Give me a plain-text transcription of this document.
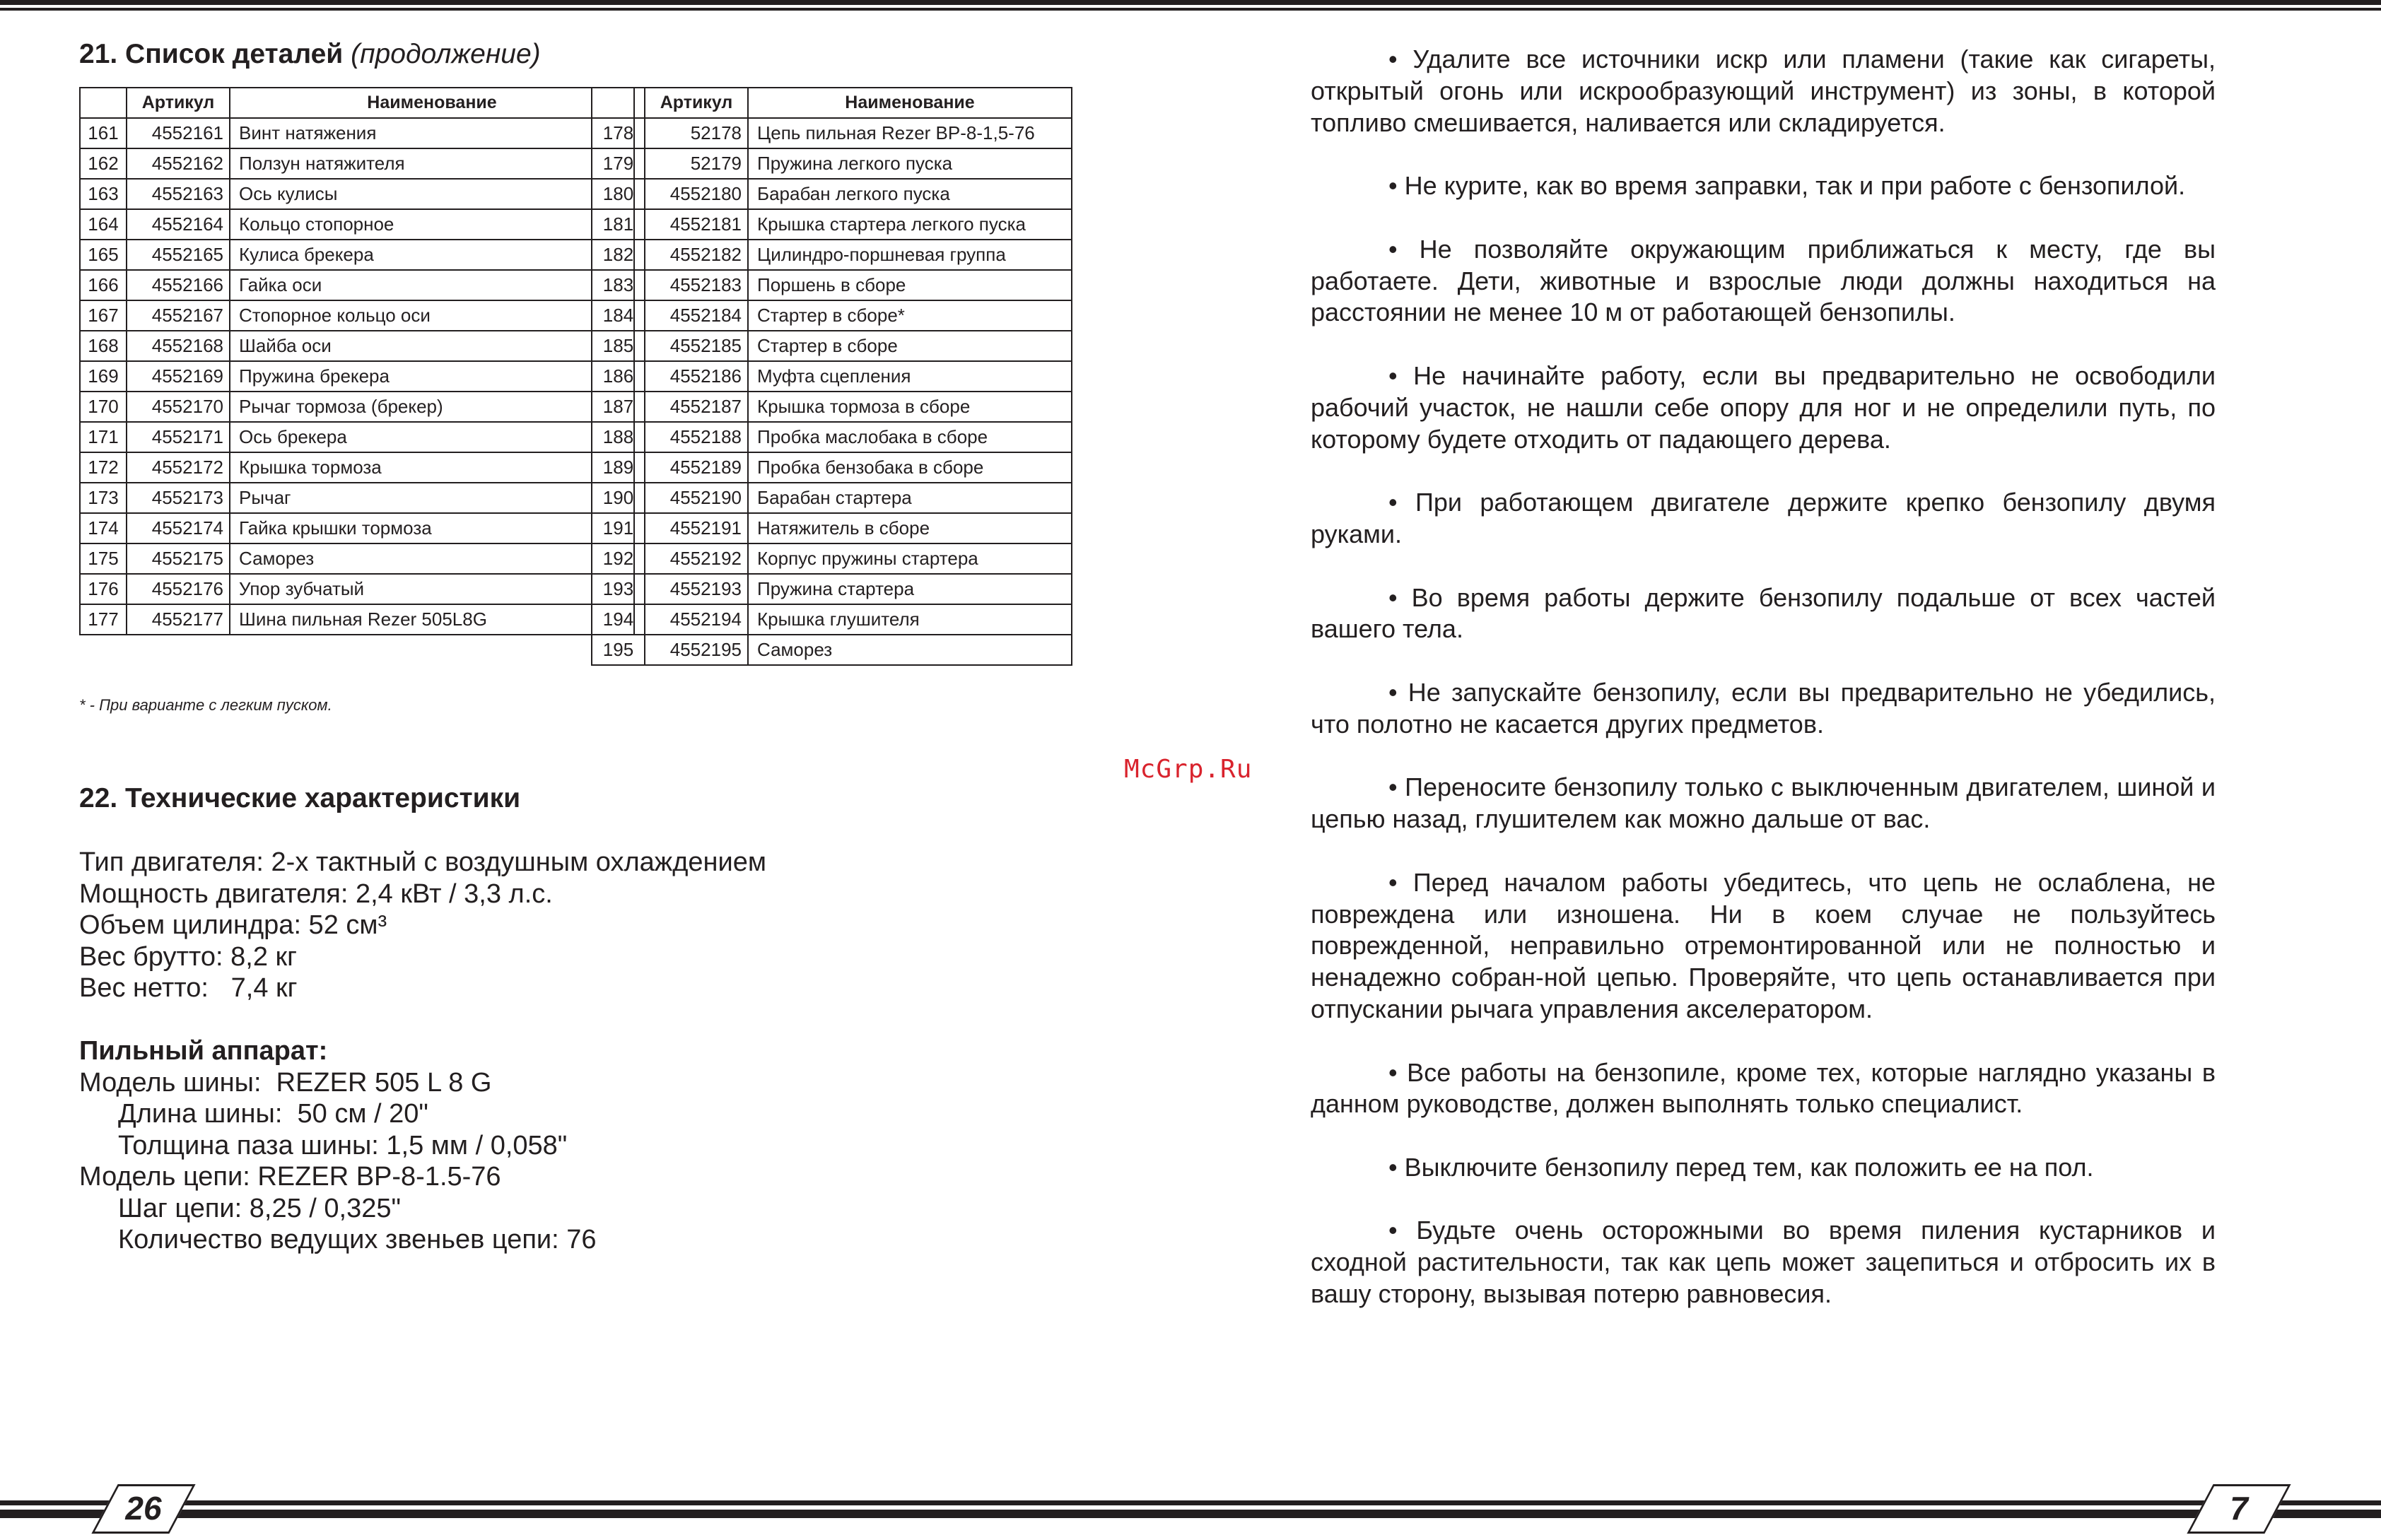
21. Список деталей (продолжение)
	Артикул	Наименование
161	4552161	Винт натяжения
162	4552162	Ползун натяжителя
163	4552163	Ось кулисы
164	4552164	Кольцо стопорное
165	4552165	Кулиса брекера
166	4552166	Гайка оси
167	4552167	Стопорное кольцо оси
168	4552168	Шайба оси
169	4552169	Пружина брекера
170	4552170	Рычаг тормоза (брекер)
171	4552171	Ось брекера
172	4552172	Крышка тормоза
173	4552173	Рычаг
174	4552174	Гайка крышки тормоза
175	4552175	Саморез
176	4552176	Упор зубчатый
177	4552177	Шина пильная Rezer 505L8G
* - При варианте с легким пуском.
	Артикул	Наименование
178	52178	Цепь пильная Rezer BP-8-1,5-76
179	52179	Пружина легкого пуска
180	4552180	Барабан легкого пуска
181	4552181	Крышка стартера легкого пуска
182	4552182	Цилиндро-поршневая группа
183	4552183	Поршень в сборе
184	4552184	Стартер в сборе*
185	4552185	Стартер в сборе
186	4552186	Муфта сцепления
187	4552187	Крышка тормоза в сборе
188	4552188	Пробка маслобака в сборе
189	4552189	Пробка бензобака в сборе
190	4552190	Барабан стартера
191	4552191	Натяжитель в сборе
192	4552192	Корпус пружины стартера
193	4552193	Пружина стартера
194	4552194	Крышка глушителя
195	4552195	Саморез
22. Технические характеристики
Тип двигателя: 2-х тактный с воздушным охлаждением
Мощность двигателя: 2,4 кВт / 3,3 л.с.
Объем цилиндра: 52 см³
Вес брутто: 8,2 кг
Вес нетто:   7,4 кг
Пильный аппарат:
Модель шины:  REZER 505 L 8 G
Длина шины:  50 см / 20"
Толщина паза шины: 1,5 мм / 0,058"
Модель цепи: REZER BP-8-1.5-76
Шаг цепи: 8,25 / 0,325"
Количество ведущих звеньев цепи: 76
26
McGrp.Ru

• Удалите все источники искр или пламени (такие как сигареты, открытый огонь или искрообразующий инструмент) из зоны, в которой топливо смешивается, наливается или складируется.

• Не курите, как во время заправки, так и при работе с бензопилой.

• Не позволяйте окружающим приближаться к месту, где вы работаете. Дети, животные и взрослые люди должны находиться на расстоянии не менее 10 м от работающей бензопилы.

• Не начинайте работу, если вы предварительно не освободили рабочий участок, не нашли себе опору для ног и не определили путь, по которому будете отходить от падающего дерева.

• При работающем двигателе держите крепко бензопилу двумя руками.

• Во время работы держите бензопилу подальше от всех частей вашего тела.

• Не запускайте бензопилу, если вы предварительно не убедились, что полотно не касается других предметов.

• Переносите бензопилу только с выключенным двигателем, шиной и цепью назад, глушителем как можно дальше от вас.

• Перед началом работы убедитесь, что цепь не ослаблена, не повреждена или изношена. Ни в коем случае не пользуйтесь поврежденной, неправильно отремонтированной или не полностью и ненадежно собран-ной цепью. Проверяйте, что цепь останавливается при отпускании рычага управления акселератором.

• Все работы на бензопиле, кроме тех, которые наглядно указаны в данном руководстве, должен выполнять только специалист.

• Выключите бензопилу перед тем, как положить ее на пол.

• Будьте очень осторожными во время пиления кустарников и сходной растительности, так как цепь может зацепиться и отбросить их в вашу сторону, вызывая потерю равновесия.

7
